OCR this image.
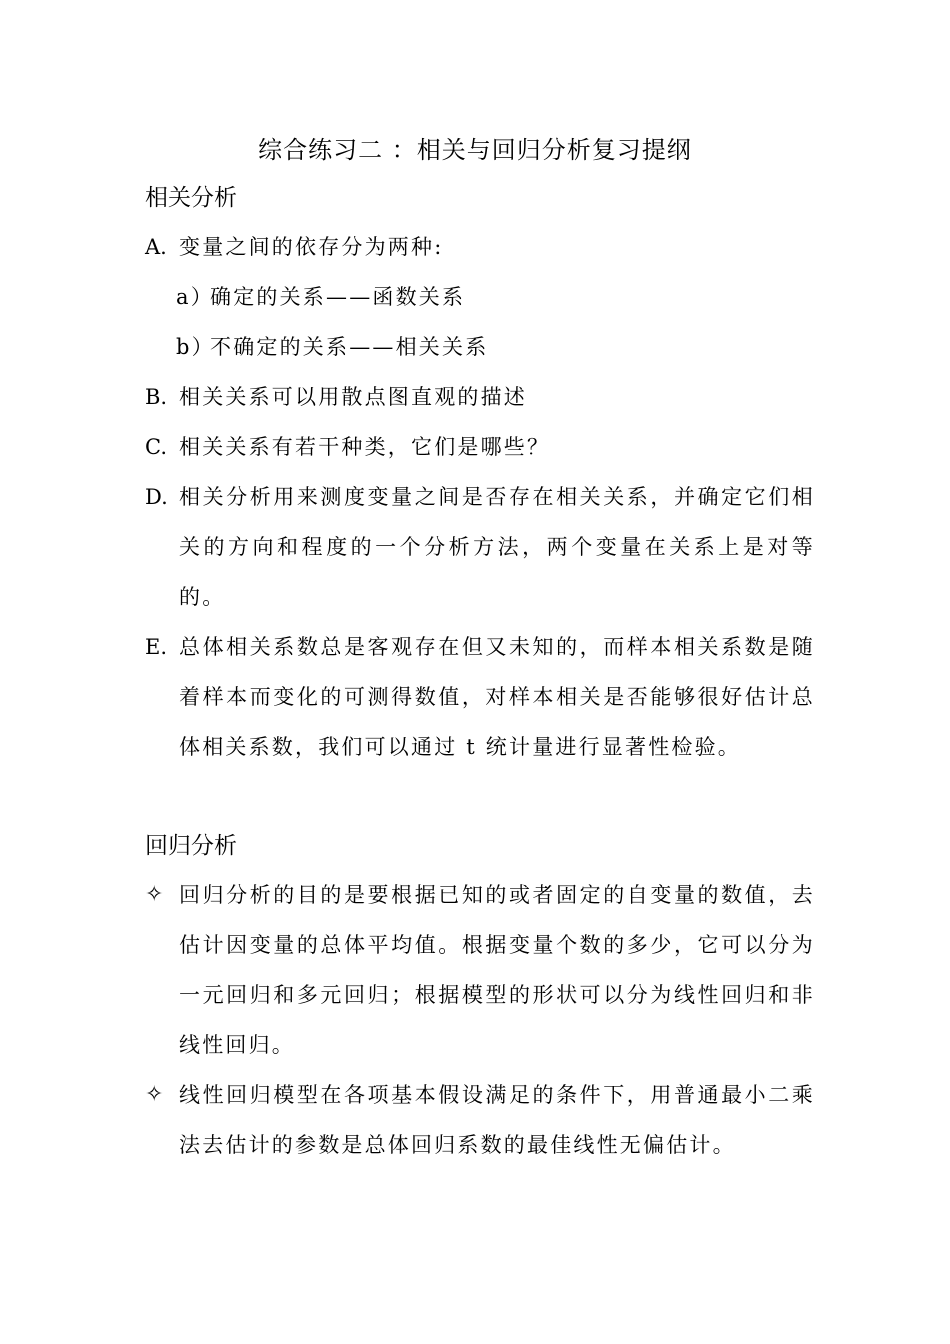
综合练习二 ：相关与回归分析复习提纲
相关分析
A. 变量之间的依存分为两种:
a）确定的关系——函数关系
b）不确定的关系——相关关系
B. 相关关系可以用散点图直观的描述
C. 相关关系有若干种类，它们是哪些？
D. 相关分析用来测度变量之间是否存在相关关系，并确定它们相关的方向和程度的一个分析方法，两个变量在关系上是对等的。
E. 总体相关系数总是客观存在但又未知的，而样本相关系数是随着样本而变化的可测得数值，对样本相关是否能够很好估计总体相关系数，我们可以通过 t 统计量进行显著性检验。
回归分析
✧ 回归分析的目的是要根据已知的或者固定的自变量的数值，去估计因变量的总体平均值。根据变量个数的多少，它可以分为一元回归和多元回归；根据模型的形状可以分为线性回归和非线性回归。
✧ 线性回归模型在各项基本假设满足的条件下，用普通最小二乘法去估计的参数是总体回归系数的最佳线性无偏估计。
